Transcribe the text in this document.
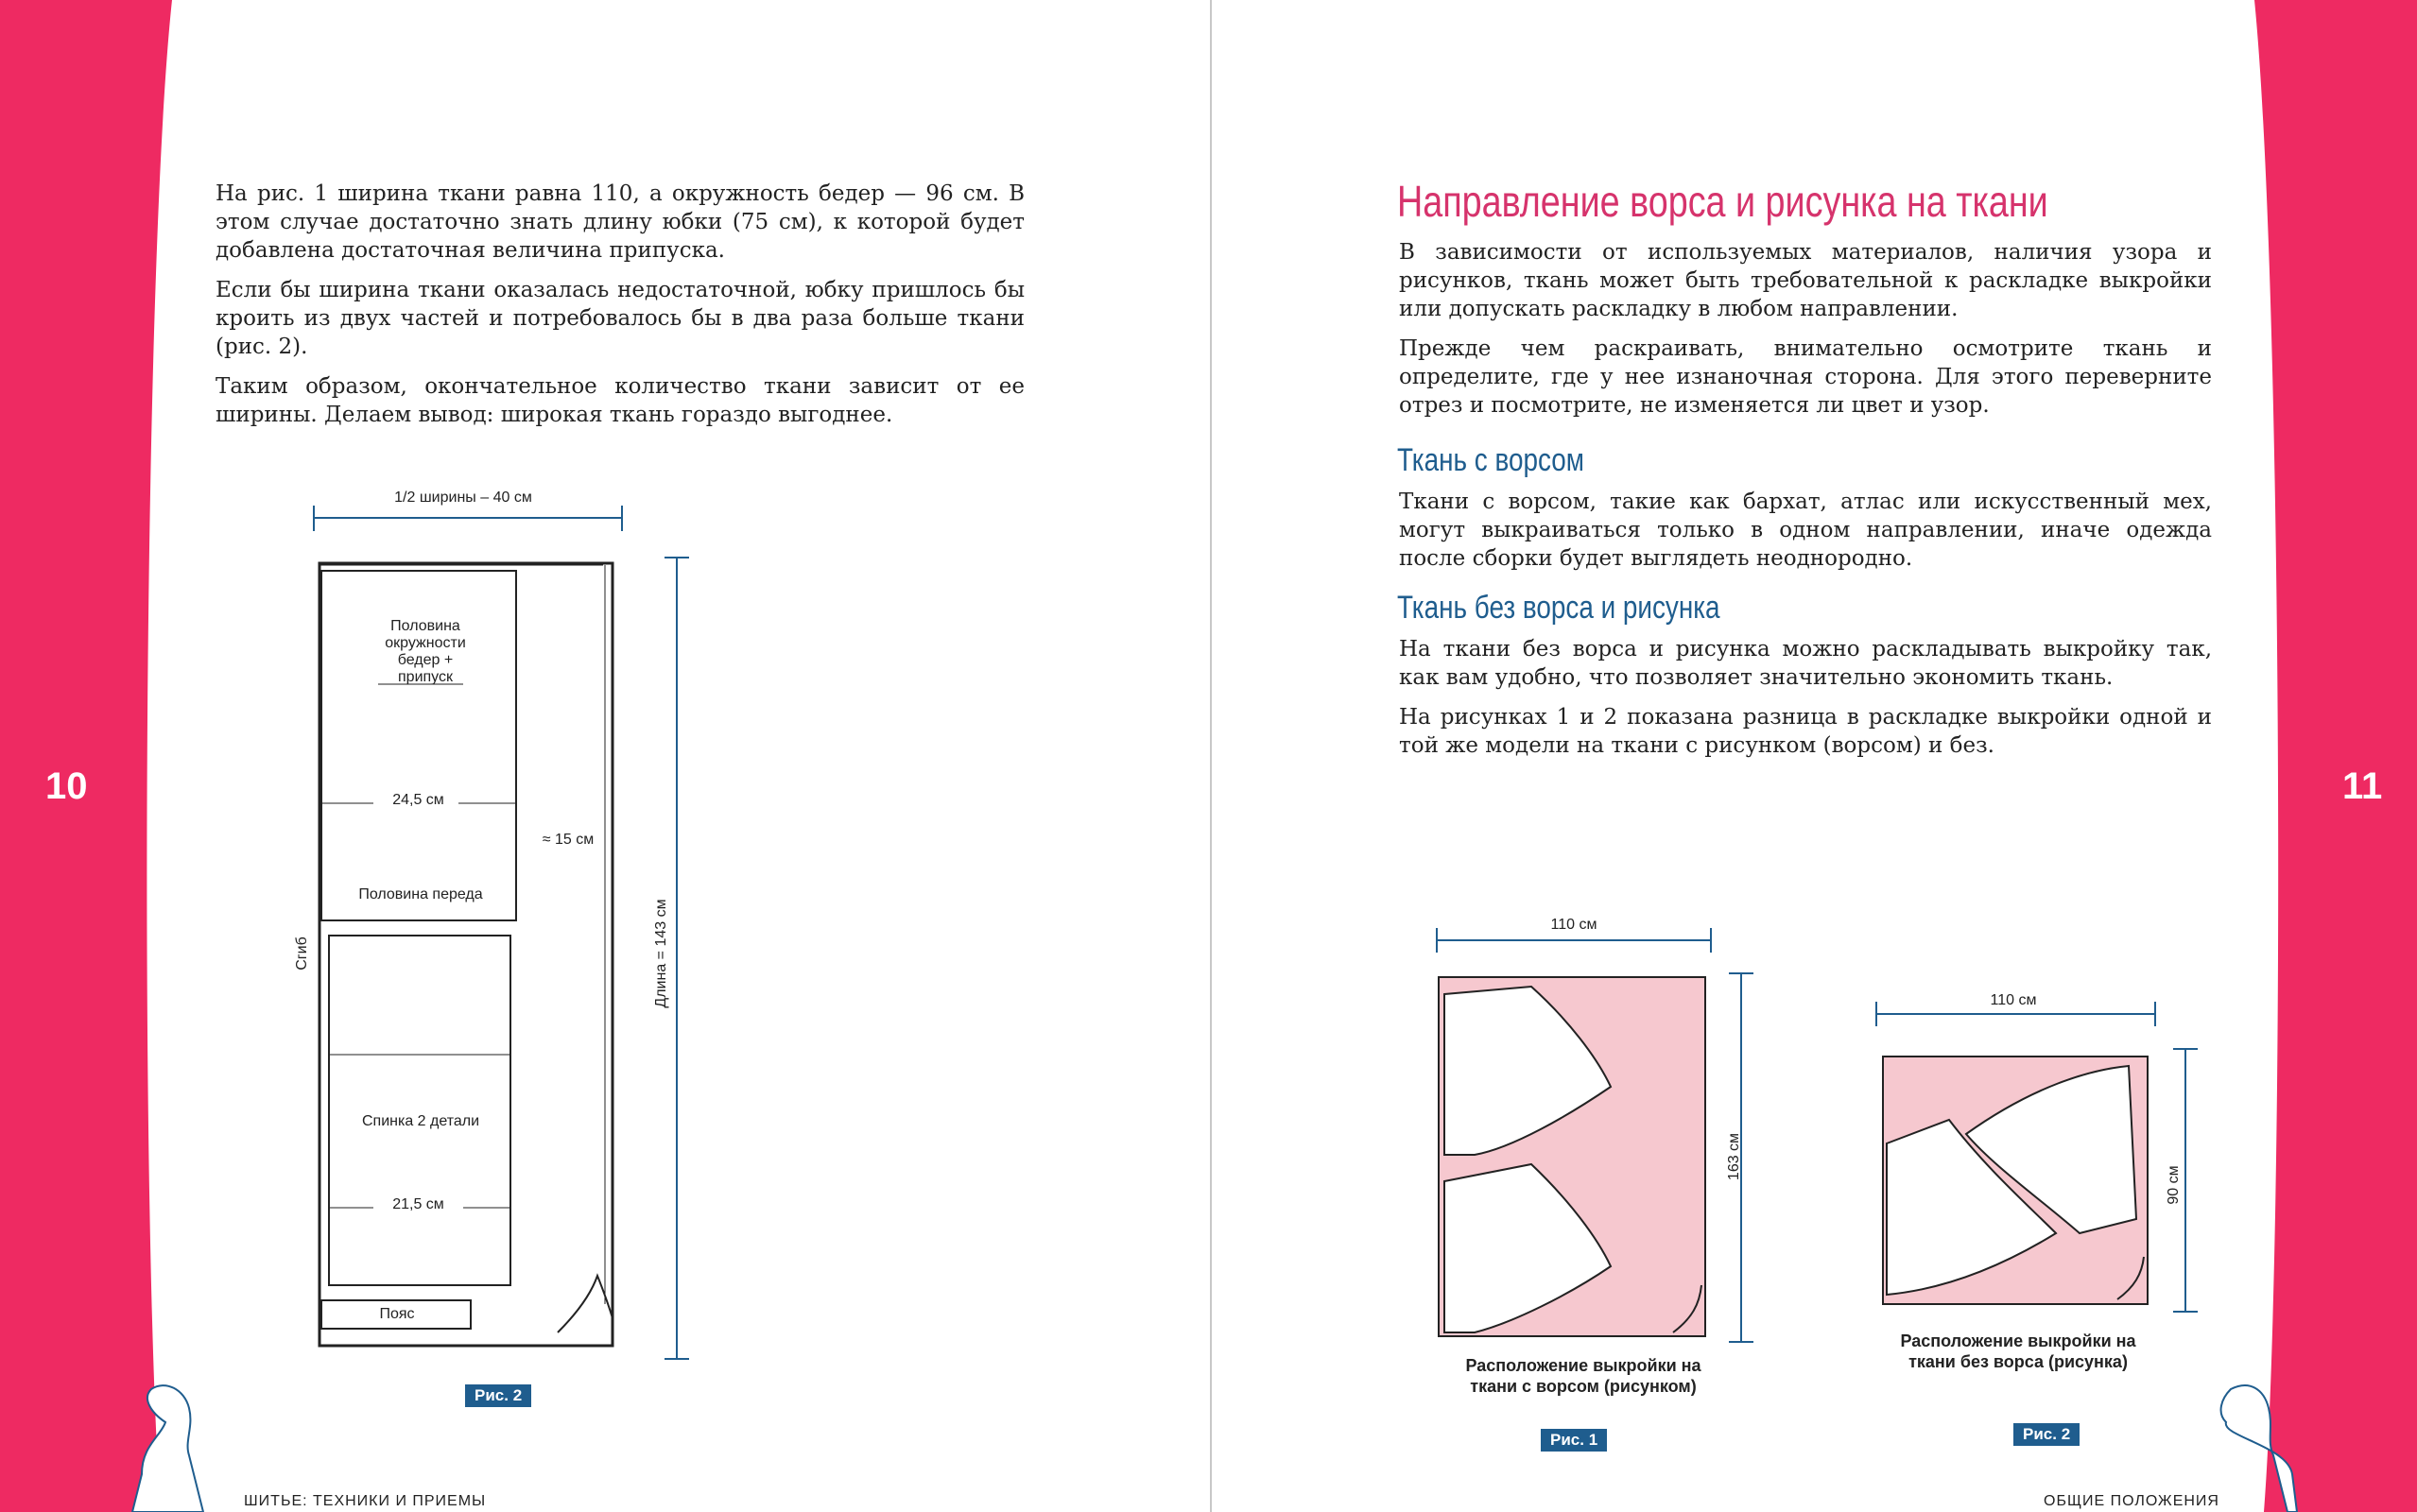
10	11

На рис. 1 ширина ткани равна 110, а окружность бедер — 96 см. В этом случае достаточно знать длину юбки (75 см), к которой будет добавлена достаточная величина припуска.

Если бы ширина ткани оказалась недостаточной, юбку пришлось бы кроить из двух частей и потребовалось бы в два раза больше ткани (рис. 2).

Таким образом, окончательное количество ткани зависит от ее ширины. Делаем вывод: широкая ткань гораздо выгоднее.

1/2 ширины – 40 см
Половина окружности бедер + припуск
24,5 см
≈ 15 см
Половина переда
Сгиб	Длина = 143 см
Спинка 2 детали
21,5 см
Пояс
Рис. 2
ШИТЬЕ: ТЕХНИКИ И ПРИЕМЫ
Направление ворса и рисунка на ткани

В зависимости от используемых материалов, наличия узора и рисунков, ткань может быть требовательной к раскладке выкройки или допускать раскладку в любом направлении.

Прежде чем раскраивать, внимательно осмотрите ткань и определите, где у нее изнаночная сторона. Для этого переверните отрез и посмотрите, не изменяется ли цвет и узор.

Ткань с ворсом

Ткани с ворсом, такие как бархат, атлас или искусственный мех, могут выкраиваться только в одном направлении, иначе одежда после сборки будет выглядеть неоднородно.

Ткань без ворса и рисунка

На ткани без ворса и рисунка можно раскладывать выкройку так, как вам удобно, что позволяет значительно экономить ткань.

На рисунках 1 и 2 показана разница в раскладке выкройки одной и той же модели на ткани с рисунком (ворсом) и без.

110 см
163 см
Расположение выкройки на ткани с ворсом (рисунком)
Рис. 1
110 см
90 см
Расположение выкройки на ткани без ворса (рисунка)
Рис. 2
ОБЩИЕ ПОЛОЖЕНИЯ
